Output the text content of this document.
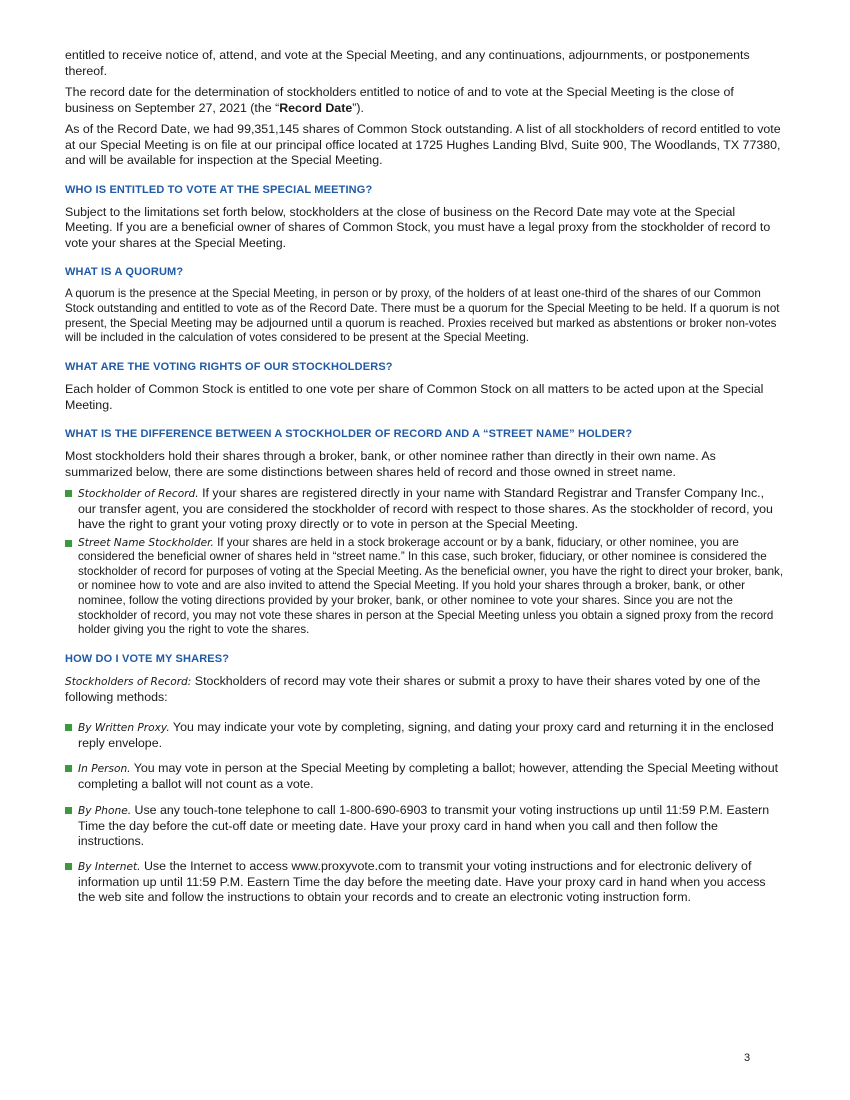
entitled to receive notice of, attend, and vote at the Special Meeting, and any continuations, adjournments, or postponements thereof.

The record date for the determination of stockholders entitled to notice of and to vote at the Special Meeting is the close of business on September 27, 2021 (the “Record Date”).

As of the Record Date, we had 99,351,145 shares of Common Stock outstanding. A list of all stockholders of record entitled to vote at our Special Meeting is on file at our principal office located at 1725 Hughes Landing Blvd, Suite 900, The Woodlands, TX 77380, and will be available for inspection at the Special Meeting.

WHO IS ENTITLED TO VOTE AT THE SPECIAL MEETING?

Subject to the limitations set forth below, stockholders at the close of business on the Record Date may vote at the Special Meeting. If you are a beneficial owner of shares of Common Stock, you must have a legal proxy from the stockholder of record to vote your shares at the Special Meeting.

WHAT IS A QUORUM?

A quorum is the presence at the Special Meeting, in person or by proxy, of the holders of at least one-third of the shares of our Common Stock outstanding and entitled to vote as of the Record Date. There must be a quorum for the Special Meeting to be held. If a quorum is not present, the Special Meeting may be adjourned until a quorum is reached. Proxies received but marked as abstentions or broker non-votes will be included in the calculation of votes considered to be present at the Special Meeting.

WHAT ARE THE VOTING RIGHTS OF OUR STOCKHOLDERS?

Each holder of Common Stock is entitled to one vote per share of Common Stock on all matters to be acted upon at the Special Meeting.

WHAT IS THE DIFFERENCE BETWEEN A STOCKHOLDER OF RECORD AND A “STREET NAME” HOLDER?

Most stockholders hold their shares through a broker, bank, or other nominee rather than directly in their own name. As summarized below, there are some distinctions between shares held of record and those owned in street name.

Stockholder of Record. If your shares are registered directly in your name with Standard Registrar and Transfer Company Inc., our transfer agent, you are considered the stockholder of record with respect to those shares. As the stockholder of record, you have the right to grant your voting proxy directly or to vote in person at the Special Meeting.
Street Name Stockholder. If your shares are held in a stock brokerage account or by a bank, fiduciary, or other nominee, you are considered the beneficial owner of shares held in “street name.” In this case, such broker, fiduciary, or other nominee is considered the stockholder of record for purposes of voting at the Special Meeting. As the beneficial owner, you have the right to direct your broker, bank, or nominee how to vote and are also invited to attend the Special Meeting. If you hold your shares through a broker, bank, or other nominee, follow the voting directions provided by your broker, bank, or other nominee to vote your shares. Since you are not the stockholder of record, you may not vote these shares in person at the Special Meeting unless you obtain a signed proxy from the record holder giving you the right to vote the shares.
HOW DO I VOTE MY SHARES?

Stockholders of Record: Stockholders of record may vote their shares or submit a proxy to have their shares voted by one of the following methods:

By Written Proxy. You may indicate your vote by completing, signing, and dating your proxy card and returning it in the enclosed reply envelope.
In Person. You may vote in person at the Special Meeting by completing a ballot; however, attending the Special Meeting without completing a ballot will not count as a vote.
By Phone. Use any touch-tone telephone to call 1-800-690-6903 to transmit your voting instructions up until 11:59 P.M. Eastern Time the day before the cut-off date or meeting date. Have your proxy card in hand when you call and then follow the instructions.
By Internet. Use the Internet to access www.proxyvote.com to transmit your voting instructions and for electronic delivery of information up until 11:59 P.M. Eastern Time the day before the meeting date. Have your proxy card in hand when you access the web site and follow the instructions to obtain your records and to create an electronic voting instruction form.
3
